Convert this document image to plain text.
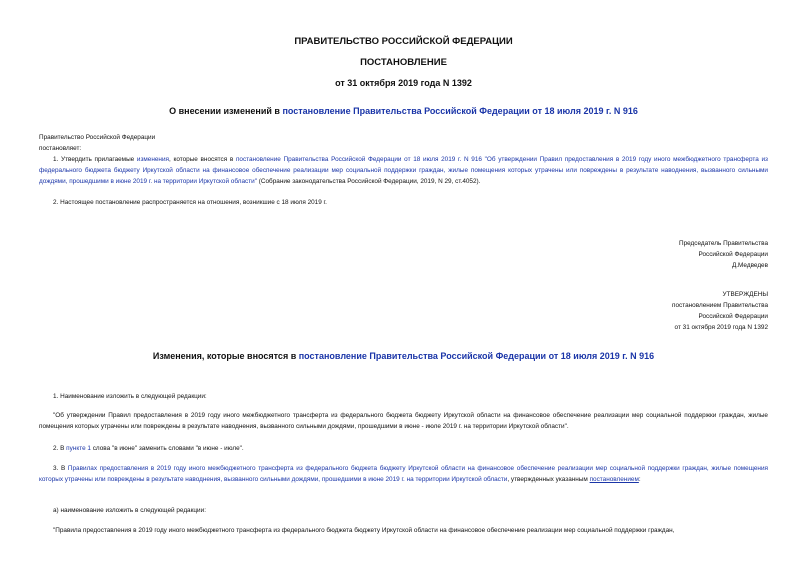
ПРАВИТЕЛЬСТВО РОССИЙСКОЙ ФЕДЕРАЦИИ
ПОСТАНОВЛЕНИЕ
от 31 октября 2019 года N 1392
О внесении изменений в постановление Правительства Российской Федерации от 18 июля 2019 г. N 916
Правительство Российской Федерации
постановляет:
1. Утвердить прилагаемые изменения, которые вносятся в постановление Правительства Российской Федерации от 18 июля 2019 г. N 916 "Об утверждении Правил предоставления в 2019 году иного межбюджетного трансферта из федерального бюджета бюджету Иркутской области на финансовое обеспечение реализации мер социальной поддержки граждан, жилые помещения которых утрачены или повреждены в результате наводнения, вызванного сильными дождями, прошедшими в июне 2019 г. на территории Иркутской области" (Собрание законодательства Российской Федерации, 2019, N 29, ст.4052).
2. Настоящее постановление распространяется на отношения, возникшие с 18 июля 2019 г.
Председатель Правительства
Российской Федерации
Д.Медведев
УТВЕРЖДЕНЫ
постановлением Правительства
Российской Федерации
от 31 октября 2019 года N 1392
Изменения, которые вносятся в постановление Правительства Российской Федерации от 18 июля 2019 г. N 916
1. Наименование изложить в следующей редакции:
"Об утверждении Правил предоставления в 2019 году иного межбюджетного трансферта из федерального бюджета бюджету Иркутской области на финансовое обеспечение реализации мер социальной поддержки граждан, жилые помещения которых утрачены или повреждены в результате наводнения, вызванного сильными дождями, прошедшими в июне - июле 2019 г. на территории Иркутской области".
2. В пункте 1 слова "в июне" заменить словами "в июне - июле".
3. В Правилах предоставления в 2019 году иного межбюджетного трансферта из федерального бюджета бюджету Иркутской области на финансовое обеспечение реализации мер социальной поддержки граждан, жилые помещения которых утрачены или повреждены в результате наводнения, вызванного сильными дождями, прошедшими в июне 2019 г. на территории Иркутской области, утвержденных указанным постановлением:
а) наименование изложить в следующей редакции:
"Правила предоставления в 2019 году иного межбюджетного трансферта из федерального бюджета бюджету Иркутской области на финансовое обеспечение реализации мер социальной поддержки граждан,
